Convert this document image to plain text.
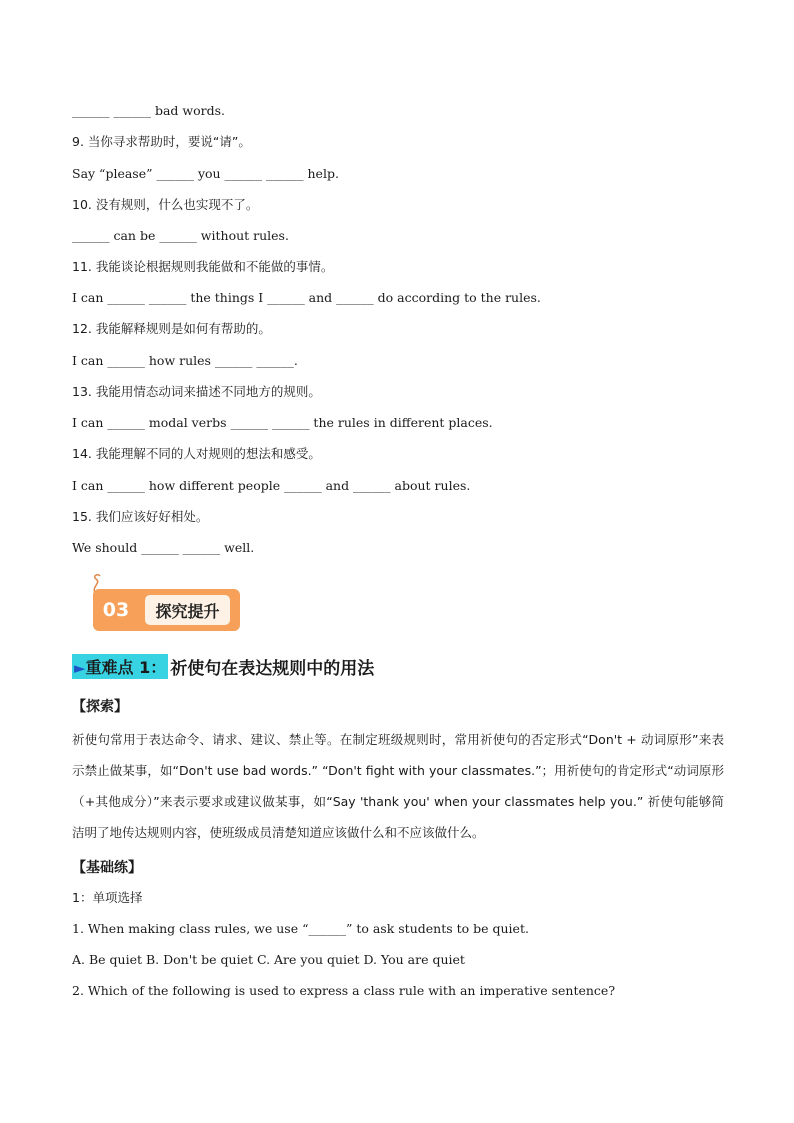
______ ______ bad words.
9. 当你寻求帮助时，要说“请”。
Say “please” ______ you ______ ______ help.
10. 没有规则，什么也实现不了。
______ can be ______ without rules.
11. 我能谈论根据规则我能做和不能做的事情。
I can ______ ______ the things I ______ and ______ do according to the rules.
12. 我能解释规则是如何有帮助的。
I can ______ how rules ______ ______.
13. 我能用情态动词来描述不同地方的规则。
I can ______ modal verbs ______ ______ the rules in different places.
14. 我能理解不同的人对规则的想法和感受。
I can ______ how different people ______ and ______ about rules.
15. 我们应该好好相处。
We should ______ ______ well.
03 探究提升
►重难点 1： 祈使句在表达规则中的用法
【探索】
祈使句常用于表达命令、请求、建议、禁止等。在制定班级规则时，常用祈使句的否定形式“Don't + 动词原形”来表示禁止做某事，如“Don't use bad words.” “Don't fight with your classmates.”；用祈使句的肯定形式“动词原形（+其他成分）”来表示要求或建议做某事，如“Say 'thank you' when your classmates help you.” 祈使句能够简洁明了地传达规则内容，使班级成员清楚知道应该做什么和不应该做什么。
【基础练】
1：单项选择
1. When making class rules, we use “______” to ask students to be quiet.
A. Be quiet B. Don't be quiet C. Are you quiet D. You are quiet
2. Which of the following is used to express a class rule with an imperative sentence?
